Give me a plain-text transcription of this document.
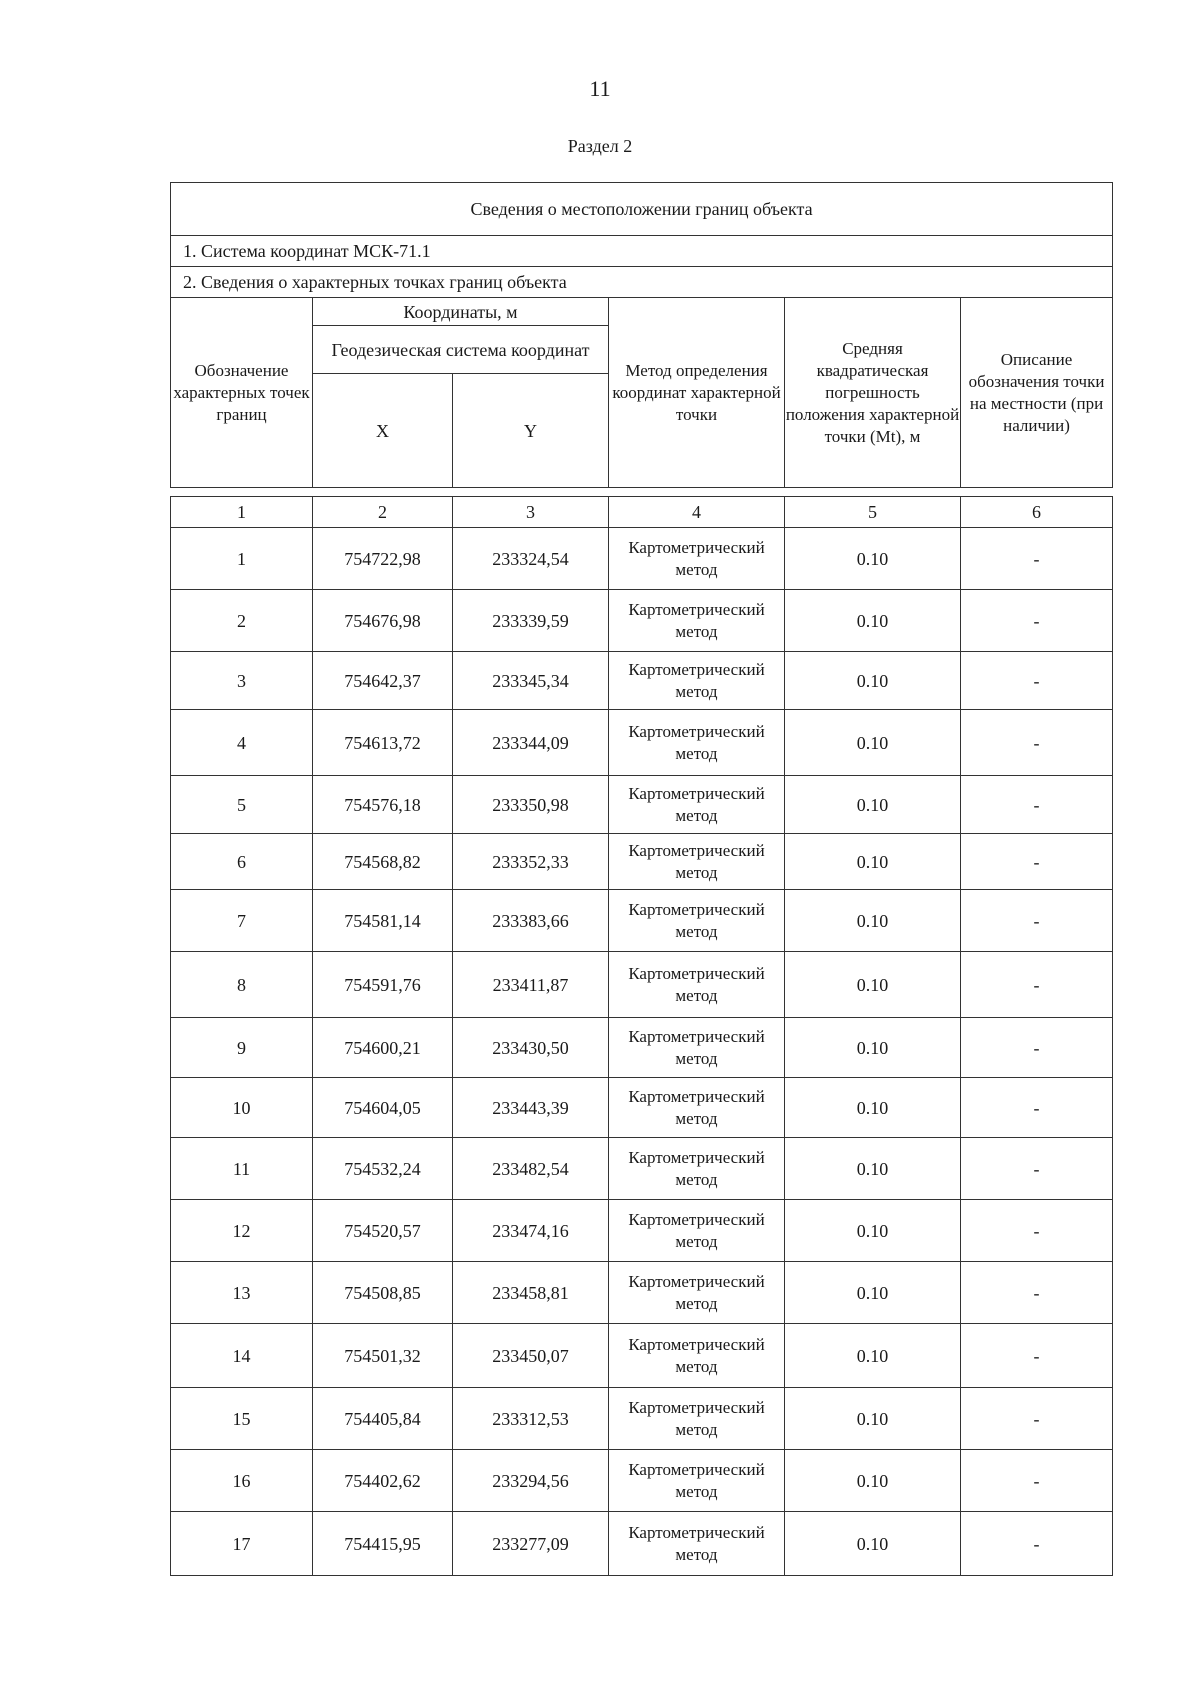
11
Раздел 2
Сведения о местоположении границ объекта					
1. Система координат МСК-71.1					
2. Сведения о характерных точках границ объекта					
Обозначение характерных точек границ	Координаты, м		Метод определения координат характерной точки	Средняя квадратическая погрешность положения характерной точки (Mt), м	Описание обозначения точки на местности (при наличии)
	Геодезическая система координат				
	X	Y			
1	2	3	4	5	6
1	754722,98	233324,54	Картометрический метод	0.10	-
2	754676,98	233339,59	Картометрический метод	0.10	-
3	754642,37	233345,34	Картометрический метод	0.10	-
4	754613,72	233344,09	Картометрический метод	0.10	-
5	754576,18	233350,98	Картометрический метод	0.10	-
6	754568,82	233352,33	Картометрический метод	0.10	-
7	754581,14	233383,66	Картометрический метод	0.10	-
8	754591,76	233411,87	Картометрический метод	0.10	-
9	754600,21	233430,50	Картометрический метод	0.10	-
10	754604,05	233443,39	Картометрический метод	0.10	-
11	754532,24	233482,54	Картометрический метод	0.10	-
12	754520,57	233474,16	Картометрический метод	0.10	-
13	754508,85	233458,81	Картометрический метод	0.10	-
14	754501,32	233450,07	Картометрический метод	0.10	-
15	754405,84	233312,53	Картометрический метод	0.10	-
16	754402,62	233294,56	Картометрический метод	0.10	-
17	754415,95	233277,09	Картометрический метод	0.10	-
